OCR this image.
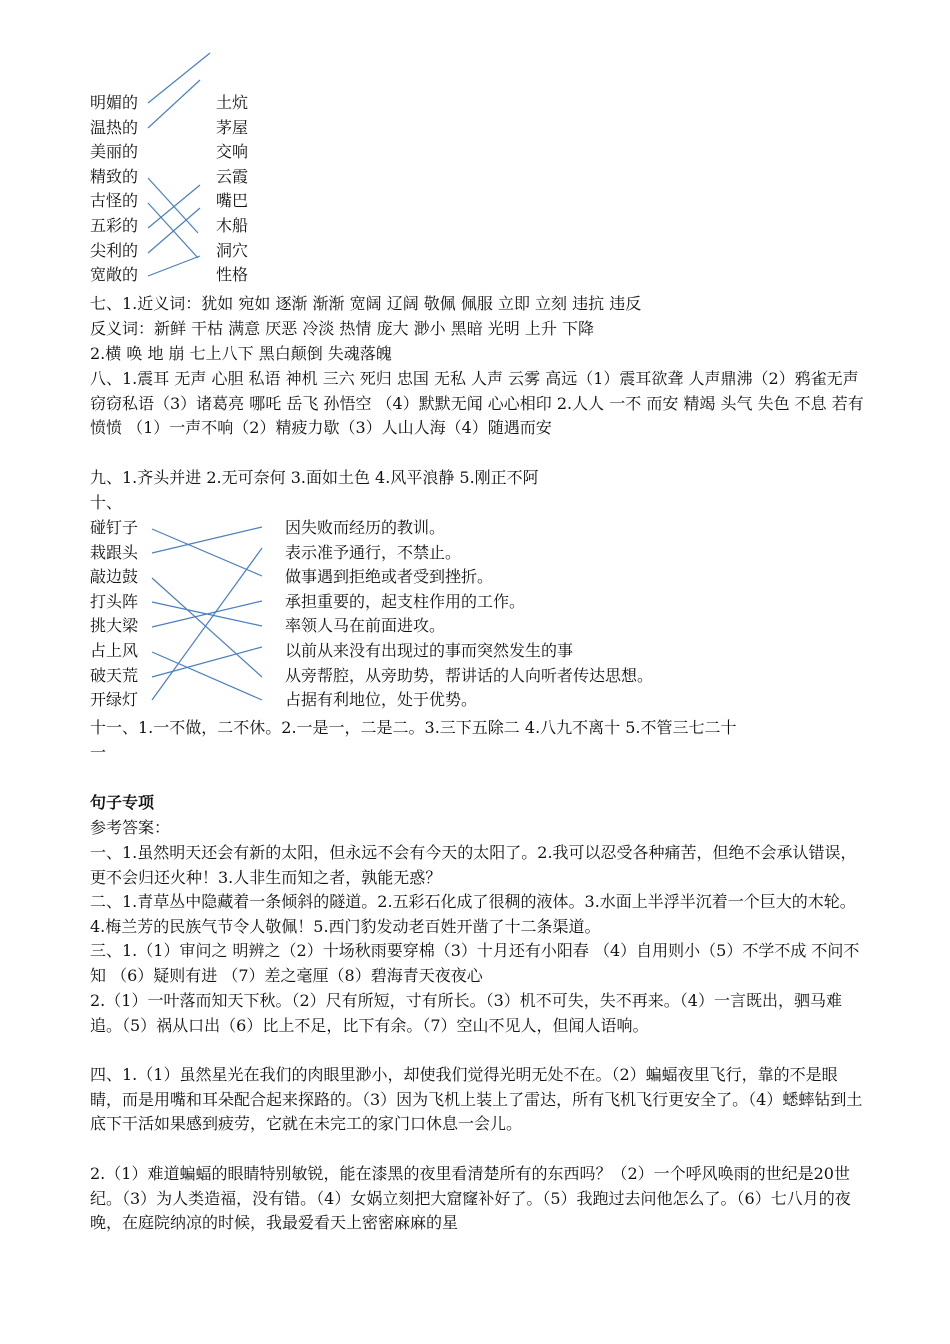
明媚的
温热的
美丽的
精致的
古怪的
五彩的
尖利的
宽敞的
土炕
茅屋
交响
云霞
嘴巴
木船
洞穴
性格
七、1.近义词：犹如 宛如 逐渐 渐渐 宽阔 辽阔 敬佩 佩服 立即 立刻 违抗 违反
反义词：新鲜 干枯 满意 厌恶 冷淡 热情 庞大 渺小 黑暗 光明 上升 下降
2.横 唤 地 崩 七上八下 黑白颠倒 失魂落魄
八、1.震耳 无声 心胆 私语 神机 三六 死归 忠国 无私 人声 云雾 高远（1）震耳欲聋 人声鼎沸（2）鸦雀无声 窃窃私语（3）诸葛亮 哪吒 岳飞 孙悟空 （4）默默无闻 心心相印 2.人人 一不 而安 精竭 头气 失色 不息 若有 愤愤 （1）一声不响（2）精疲力歇（3）人山人海（4）随遇而安
九、1.齐头并进 2.无可奈何 3.面如土色 4.风平浪静 5.刚正不阿
十、
碰钉子
栽跟头
敲边鼓
打头阵
挑大梁
占上风
破天荒
开绿灯
因失败而经历的教训。
表示准予通行，不禁止。
做事遇到拒绝或者受到挫折。
承担重要的，起支柱作用的工作。
率领人马在前面进攻。
以前从来没有出现过的事而突然发生的事
从旁帮腔，从旁助势，帮讲话的人向听者传达思想。
占据有利地位，处于优势。
十一、1.一不做，二不休。2.一是一，二是二。3.三下五除二 4.八九不离十 5.不管三七二十
一
句子专项
参考答案：
一、1.虽然明天还会有新的太阳，但永远不会有今天的太阳了。2.我可以忍受各种痛苦，但绝不会承认错误，更不会归还火种！3.人非生而知之者，孰能无惑？
二、1.青草丛中隐藏着一条倾斜的隧道。2.五彩石化成了很稠的液体。3.水面上半浮半沉着一个巨大的木轮。4.梅兰芳的民族气节令人敬佩！5.西门豹发动老百姓开凿了十二条渠道。
三、1.（1）审问之 明辨之（2）十场秋雨要穿棉（3）十月还有小阳春 （4）自用则小（5）不学不成 不问不知 （6）疑则有进 （7）差之毫厘（8）碧海青天夜夜心
2.（1）一叶落而知天下秋。（2）尺有所短，寸有所长。（3）机不可失，失不再来。（4）一言既出，驷马难追。（5）祸从口出（6）比上不足，比下有余。（7）空山不见人，但闻人语响。
四、1.（1）虽然星光在我们的肉眼里渺小，却使我们觉得光明无处不在。（2）蝙蝠夜里飞行，靠的不是眼睛，而是用嘴和耳朵配合起来探路的。（3）因为飞机上装上了雷达，所有飞机飞行更安全了。（4）蟋蟀钻到土底下干活如果感到疲劳，它就在未完工的家门口休息一会儿。
2.（1）难道蝙蝠的眼睛特别敏锐，能在漆黑的夜里看清楚所有的东西吗？（2）一个呼风唤雨的世纪是20世纪。（3）为人类造福，没有错。（4）女娲立刻把大窟窿补好了。（5）我跑过去问他怎么了。（6）七八月的夜晚，在庭院纳凉的时候，我最爱看天上密密麻麻的星
